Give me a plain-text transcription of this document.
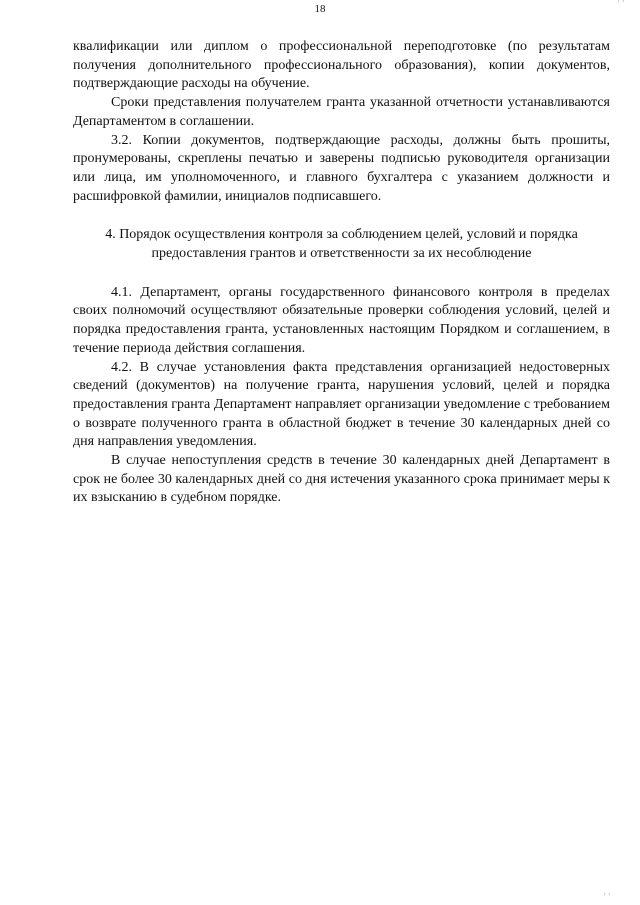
' '
18

квалификации или диплом о профессиональной переподготовке (по результатам получения дополнительного профессионального образования), копии документов, подтверждающие расходы на обучение.

Сроки представления получателем гранта указанной отчетности устанавливаются Департаментом в соглашении.

3.2. Копии документов, подтверждающие расходы, должны быть прошиты, пронумерованы, скреплены печатью и заверены подписью руководителя организации или лица, им уполномоченного, и главного бухгалтера с указанием должности и расшифровкой фамилии, инициалов подписавшего.

4. Порядок осуществления контроля за соблюдением целей, условий и порядка
предоставления грантов и ответственности за их несоблюдение

4.1. Департамент, органы государственного финансового контроля в пределах своих полномочий осуществляют обязательные проверки соблюдения условий, целей и порядка предоставления гранта, установленных настоящим Порядком и соглашением, в течение периода действия соглашения.

4.2. В случае установления факта представления организацией недостоверных сведений (документов) на получение гранта, нарушения условий, целей и порядка предоставления гранта Департамент направляет организации уведомление с требованием о возврате полученного гранта в областной бюджет в течение 30 календарных дней со дня направления уведомления.

В случае непоступления средств в течение 30 календарных дней Департамент в срок не более 30 календарных дней со дня истечения указанного срока принимает меры к их взысканию в судебном порядке.

' '
